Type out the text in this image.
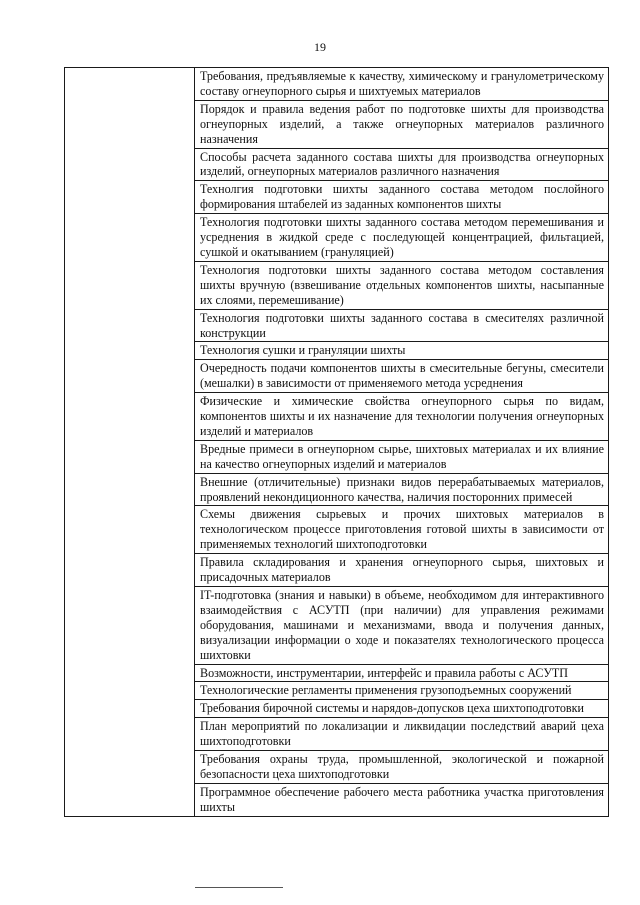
19
	Требования, предъявляемые к качеству, химическому и гранулометрическому составу огнеупорного сырья и шихтуемых материалов
Порядок и правила ведения работ по подготовке шихты для производства огнеупорных изделий, а также огнеупорных материалов различного назначения
Способы расчета заданного состава шихты для производства огнеупорных изделий, огнеупорных материалов различного назначения
Технолгия подготовки шихты заданного состава методом послойного формирования штабелей из заданных компонентов шихты
Технология подготовки шихты заданного состава методом перемешивания и усреднения в жидкой среде с последующей концентрацией, фильтацией, сушкой и окатыванием (грануляцией)
Технология подготовки шихты заданного состава методом составления шихты вручную (взвешивание отдельных компонентов шихты, насыпанные их слоями, перемешивание)
Технология подготовки шихты заданного состава в смесителях различной конструкции
Технология сушки и грануляции шихты
Очередность подачи компонентов шихты в смесительные бегуны, смесители (мешалки) в зависимости от применяемого метода усреднения
Физические и химические свойства огнеупорного сырья по видам, компонентов шихты и их назначение для технологии получения огнеупорных изделий и материалов
Вредные примеси в огнеупорном сырье, шихтовых материалах и их влияние на качество огнеупорных изделий и материалов
Внешние (отличительные) признаки видов перерабатываемых материалов, проявлений некондиционного качества, наличия посторонних примесей
Схемы движения сырьевых и прочих шихтовых материалов в технологическом процессе приготовления готовой шихты в зависимости от применяемых технологий шихтоподготовки
Правила складирования и хранения огнеупорного сырья, шихтовых и присадочных материалов
IT-подготовка (знания и навыки) в объеме, необходимом для интерактивного взаимодействия с АСУТП (при наличии) для управления режимами оборудования, машинами и механизмами, ввода и получения данных, визуализации информации о ходе и показателях технологического процесса шихтовки
Возможности, инструментарии, интерфейс и правила работы с АСУТП
Технологические регламенты применения грузоподъемных сооружений
Требования бирочной системы и нарядов-допусков цеха шихтоподготовки
План мероприятий по локализации и ликвидации последствий аварий цеха шихтоподготовки
Требования охраны труда, промышленной, экологической и пожарной безопасности цеха шихтоподготовки
Программное обеспечение рабочего места работника участка приготовления шихты
